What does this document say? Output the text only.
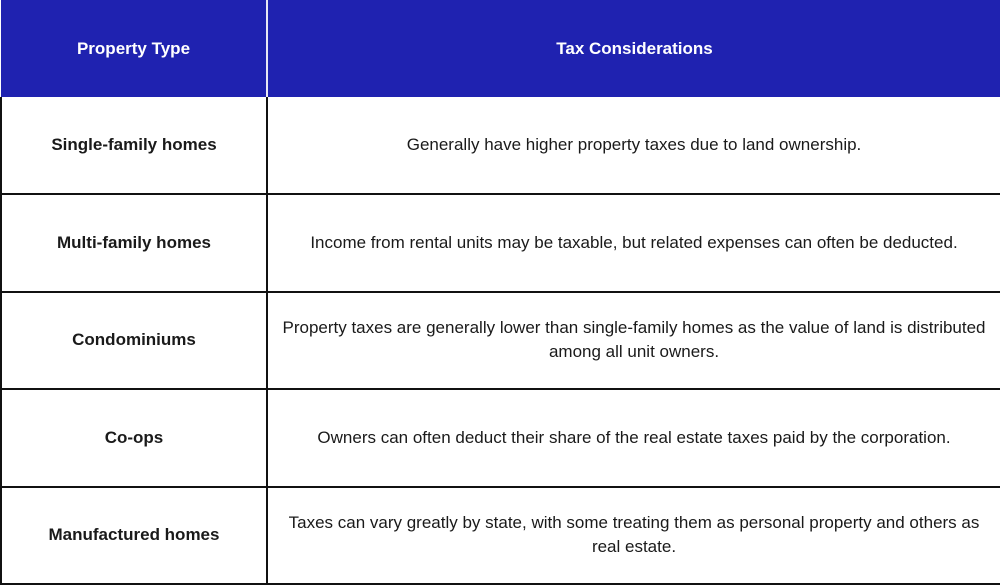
Property Type	Tax Considerations
Single-family homes	Generally have higher property taxes due to land ownership.
Multi-family homes	Income from rental units may be taxable, but related expenses can often be deducted.
Condominiums	Property taxes are generally lower than single-family homes as the value of land is distributed among all unit owners.
Co-ops	Owners can often deduct their share of the real estate taxes paid by the corporation.
Manufactured homes	Taxes can vary greatly by state, with some treating them as personal property and others as real estate.
